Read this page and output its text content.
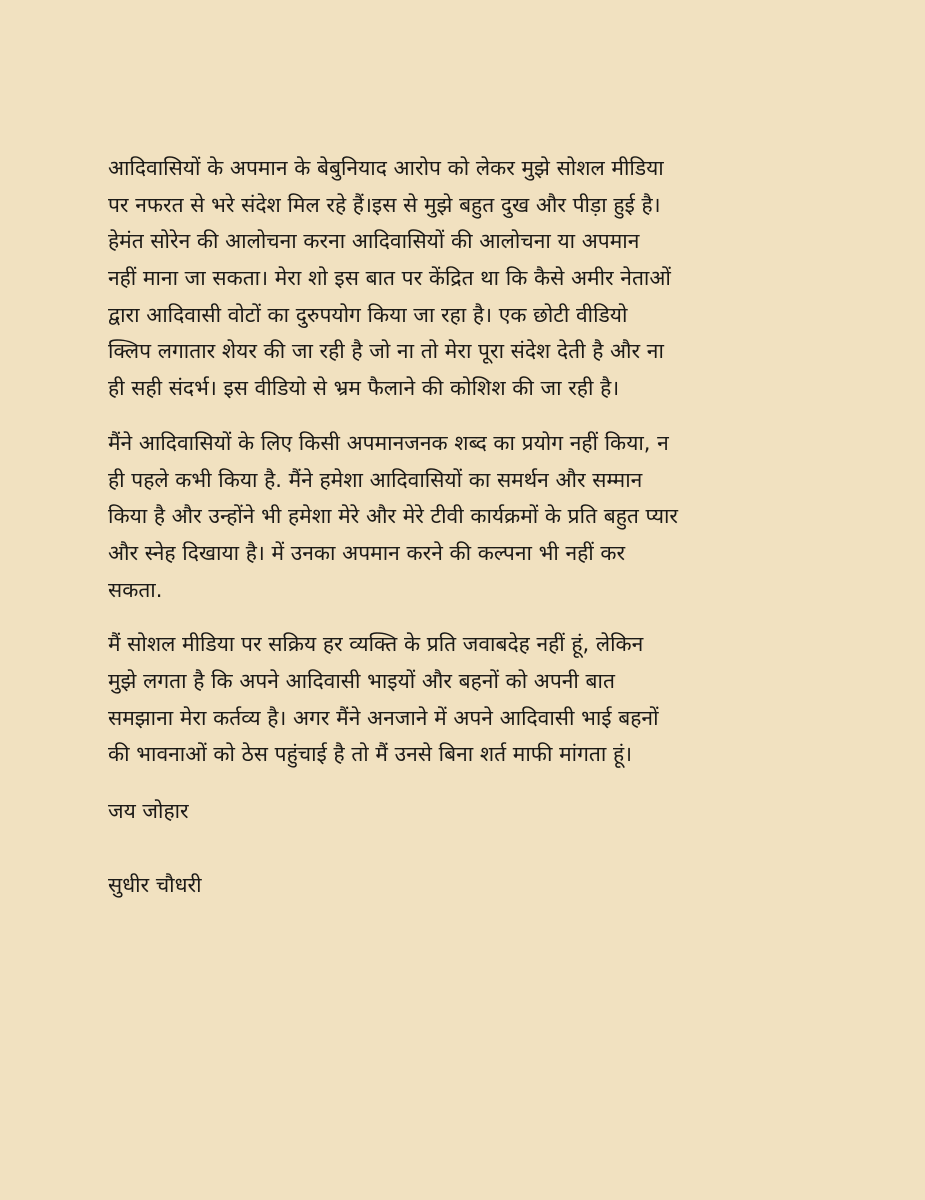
आदिवासियों के अपमान के बेबुनियाद आरोप को लेकर मुझे सोशल मीडिया
पर नफरत से भरे संदेश मिल रहे हैं।इस से मुझे बहुत दुख और पीड़ा हुई है।
हेमंत सोरेन की आलोचना करना आदिवासियों की आलोचना या अपमान
नहीं माना जा सकता। मेरा शो इस बात पर केंद्रित था कि कैसे अमीर नेताओं
द्वारा आदिवासी वोटों का दुरुपयोग किया जा रहा है। एक छोटी वीडियो
क्लिप लगातार शेयर की जा रही है जो ना तो मेरा पूरा संदेश देती है और ना
ही सही संदर्भ। इस वीडियो से भ्रम फैलाने की कोशिश की जा रही है।
मैंने आदिवासियों के लिए किसी अपमानजनक शब्द का प्रयोग नहीं किया, न
ही पहले कभी किया है. मैंने हमेशा आदिवासियों का समर्थन और सम्मान
किया है और उन्होंने भी हमेशा मेरे और मेरे टीवी कार्यक्रमों के प्रति बहुत प्यार
और स्नेह दिखाया है। में उनका अपमान करने की कल्पना भी नहीं कर
सकता.
मैं सोशल मीडिया पर सक्रिय हर व्यक्ति के प्रति जवाबदेह नहीं हूं, लेकिन
मुझे लगता है कि अपने आदिवासी भाइयों और बहनों को अपनी बात
समझाना मेरा कर्तव्य है। अगर मैंने अनजाने में अपने आदिवासी भाई बहनों
की भावनाओं को ठेस पहुंचाई है तो मैं उनसे बिना शर्त माफी मांगता हूं।
जय जोहार
सुधीर चौधरी
